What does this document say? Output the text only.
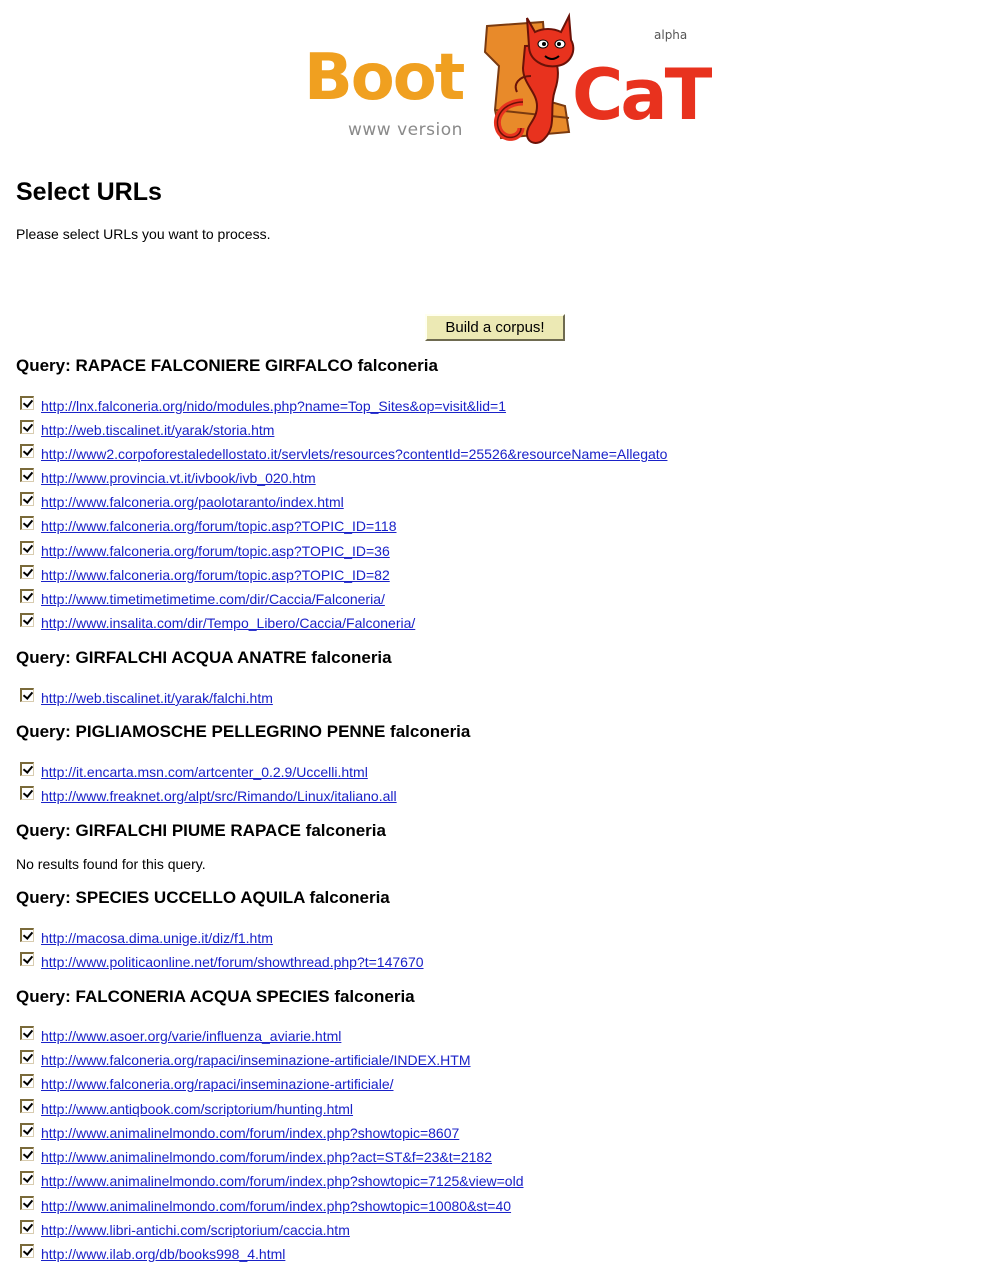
Boot CaT
www version
alpha
Select URLs
Please select URLs you want to process.
Build a corpus!
Query: RAPACE FALCONIERE GIRFALCO falconeria
http://lnx.falconeria.org/nido/modules.php?name=Top_Sites&op=visit&lid=1
http://web.tiscalinet.it/yarak/storia.htm
http://www2.corpoforestaledellostato.it/servlets/resources?contentId=25526&resourceName=Allegato
http://www.provincia.vt.it/ivbook/ivb_020.htm
http://www.falconeria.org/paolotaranto/index.html
http://www.falconeria.org/forum/topic.asp?TOPIC_ID=118
http://www.falconeria.org/forum/topic.asp?TOPIC_ID=36
http://www.falconeria.org/forum/topic.asp?TOPIC_ID=82
http://www.timetimetimetime.com/dir/Caccia/Falconeria/
http://www.insalita.com/dir/Tempo_Libero/Caccia/Falconeria/
Query: GIRFALCHI ACQUA ANATRE falconeria
http://web.tiscalinet.it/yarak/falchi.htm
Query: PIGLIAMOSCHE PELLEGRINO PENNE falconeria
http://it.encarta.msn.com/artcenter_0.2.9/Uccelli.html
http://www.freaknet.org/alpt/src/Rimando/Linux/italiano.all
Query: GIRFALCHI PIUME RAPACE falconeria
No results found for this query.
Query: SPECIES UCCELLO AQUILA falconeria
http://macosa.dima.unige.it/diz/f1.htm
http://www.politicaonline.net/forum/showthread.php?t=147670
Query: FALCONERIA ACQUA SPECIES falconeria
http://www.asoer.org/varie/influenza_aviarie.html
http://www.falconeria.org/rapaci/inseminazione-artificiale/INDEX.HTM
http://www.falconeria.org/rapaci/inseminazione-artificiale/
http://www.antiqbook.com/scriptorium/hunting.html
http://www.animalinelmondo.com/forum/index.php?showtopic=8607
http://www.animalinelmondo.com/forum/index.php?act=ST&f=23&t=2182
http://www.animalinelmondo.com/forum/index.php?showtopic=7125&view=old
http://www.animalinelmondo.com/forum/index.php?showtopic=10080&st=40
http://www.libri-antichi.com/scriptorium/caccia.htm
http://www.ilab.org/db/books998_4.html
